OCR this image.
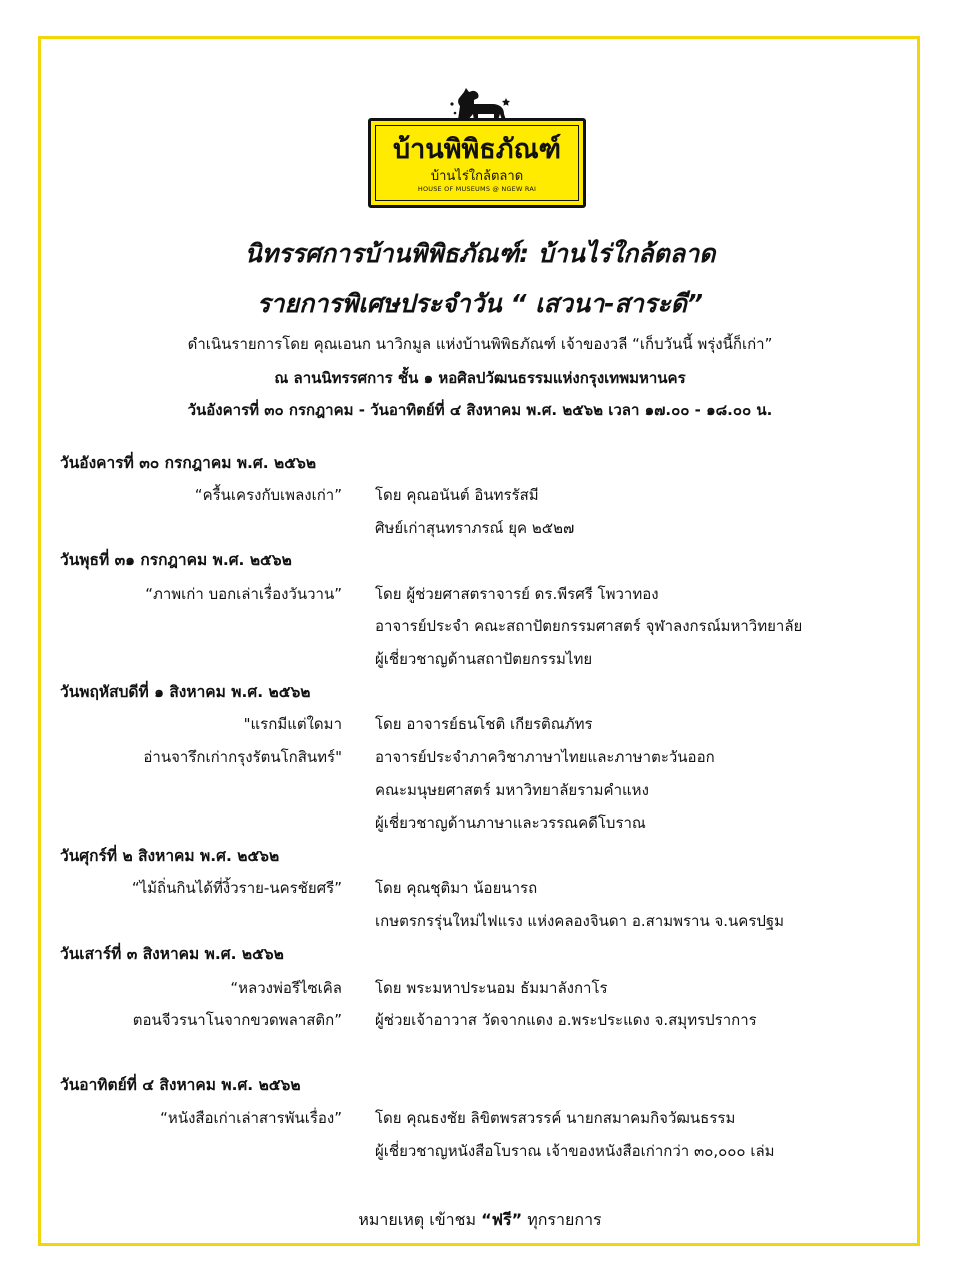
บ้านพิพิธภัณฑ์
บ้านไร่ใกล้ตลาด
HOUSE OF MUSEUMS @ NGEW RAI
นิทรรศการบ้านพิพิธภัณฑ์: บ้านไร่ใกล้ตลาด
รายการพิเศษประจำวัน “ เสวนา-สาระดี”
ดำเนินรายการโดย คุณเอนก นาวิกมูล แห่งบ้านพิพิธภัณฑ์ เจ้าของวลี “เก็บวันนี้ พรุ่งนี้ก็เก่า”
ณ ลานนิทรรศการ ชั้น ๑ หอศิลปวัฒนธรรมแห่งกรุงเทพมหานคร
วันอังคารที่ ๓๐ กรกฎาคม - วันอาทิตย์ที่ ๔ สิงหาคม พ.ศ. ๒๕๖๒ เวลา ๑๗.๐๐ - ๑๘.๐๐ น.
วันอังคารที่ ๓๐ กรกฎาคม พ.ศ. ๒๕๖๒
“ครื้นเครงกับเพลงเก่า” โดย คุณอนันต์ อินทรรัสมี
ศิษย์เก่าสุนทราภรณ์ ยุค ๒๕๒๗
วันพุธที่ ๓๑ กรกฎาคม พ.ศ. ๒๕๖๒
“ภาพเก่า บอกเล่าเรื่องวันวาน” โดย ผู้ช่วยศาสตราจารย์ ดร.พีรศรี โพวาทอง
อาจารย์ประจำ คณะสถาปัตยกรรมศาสตร์ จุฬาลงกรณ์มหาวิทยาลัย
ผู้เชี่ยวชาญด้านสถาปัตยกรรมไทย
วันพฤหัสบดีที่ ๑ สิงหาคม พ.ศ. ๒๕๖๒
"แรกมีแต่ใดมา โดย อาจารย์ธนโชติ เกียรติณภัทร
อ่านจารึกเก่ากรุงรัตนโกสินทร์" อาจารย์ประจำภาควิชาภาษาไทยและภาษาตะวันออก
คณะมนุษยศาสตร์ มหาวิทยาลัยรามคำแหง
ผู้เชี่ยวชาญด้านภาษาและวรรณคดีโบราณ
วันศุกร์ที่ ๒ สิงหาคม พ.ศ. ๒๕๖๒
“ไม้ถิ่นกินได้ที่งิ้วราย-นครชัยศรี” โดย คุณชุติมา น้อยนารถ
เกษตรกรรุ่นใหม่ไฟแรง แห่งคลองจินดา อ.สามพราน จ.นครปฐม
วันเสาร์ที่ ๓ สิงหาคม พ.ศ. ๒๕๖๒
“หลวงพ่อรีไซเคิล โดย พระมหาประนอม ธัมมาลังกาโร
ตอนจีวรนาโนจากขวดพลาสติก” ผู้ช่วยเจ้าอาวาส วัดจากแดง อ.พระประแดง จ.สมุทรปราการ
วันอาทิตย์ที่ ๔ สิงหาคม พ.ศ. ๒๕๖๒
“หนังสือเก่าเล่าสารพันเรื่อง” โดย คุณธงชัย ลิขิตพรสวรรค์ นายกสมาคมกิจวัฒนธรรม
ผู้เชี่ยวชาญหนังสือโบราณ เจ้าของหนังสือเก่ากว่า ๓๐,๐๐๐ เล่ม
หมายเหตุ เข้าชม “ฟรี” ทุกรายการ
